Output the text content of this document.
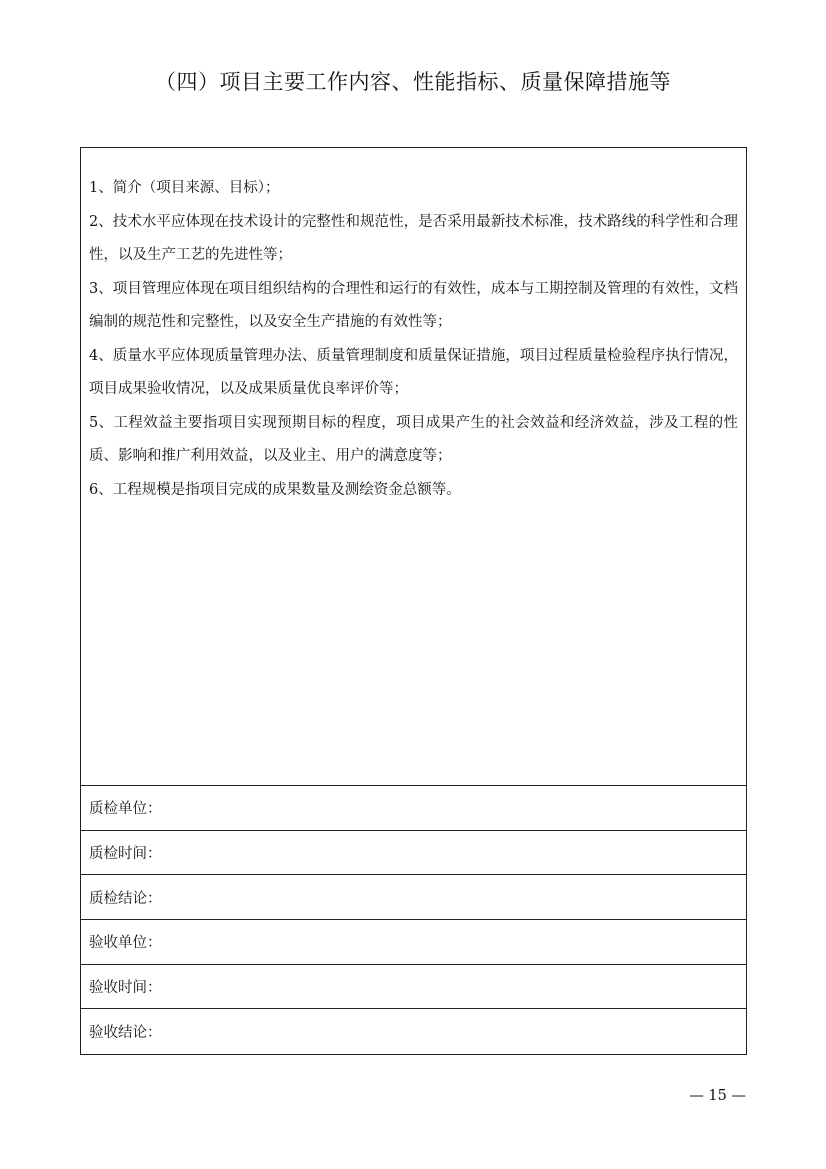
（四）项目主要工作内容、性能指标、质量保障措施等

1、简介（项目来源、目标）；

2、技术水平应体现在技术设计的完整性和规范性，是否采用最新技术标准，技术路线的科学性和合理性，以及生产工艺的先进性等；

3、项目管理应体现在项目组织结构的合理性和运行的有效性，成本与工期控制及管理的有效性，文档编制的规范性和完整性，以及安全生产措施的有效性等；

4、质量水平应体现质量管理办法、质量管理制度和质量保证措施，项目过程质量检验程序执行情况，项目成果验收情况，以及成果质量优良率评价等；

5、工程效益主要指项目实现预期目标的程度，项目成果产生的社会效益和经济效益，涉及工程的性质、影响和推广利用效益，以及业主、用户的满意度等；

6、工程规模是指项目完成的成果数量及测绘资金总额等。

质检单位：
质检时间：
质检结论：
验收单位：
验收时间：
验收结论：
— 15 —
